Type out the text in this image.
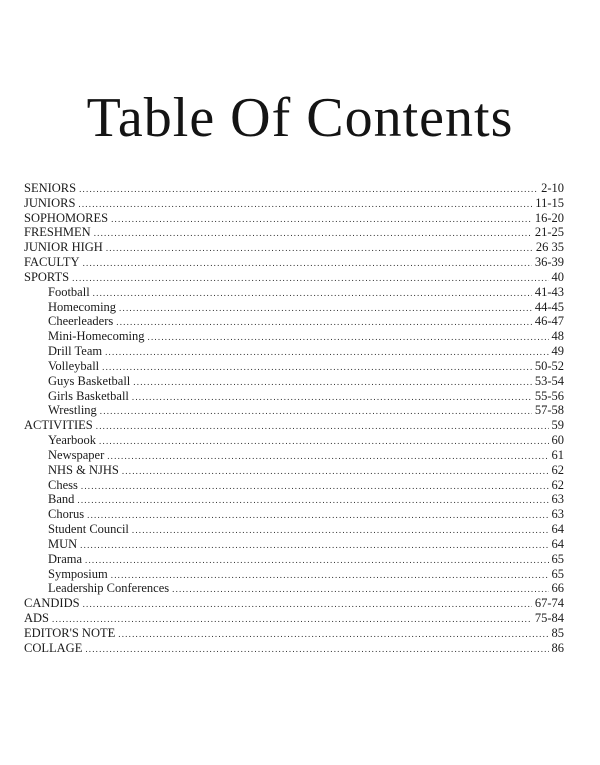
Table Of Contents
SENIORS .....	2-10
JUNIORS .....	11-15
SOPHOMORES .....	16-20
FRESHMEN .....	21-25
JUNIOR HIGH .....	26 35
FACULTY .....	36-39
SPORTS .....	40
Football .....	41-43
Homecoming .....	44-45
Cheerleaders .....	46-47
Mini-Homecoming .....	48
Drill Team .....	49
Volleyball .....	50-52
Guys Basketball .....	53-54
Girls Basketball .....	55-56
Wrestling .....	57-58
ACTIVITIES .....	59
Yearbook .....	60
Newspaper .....	61
NHS & NJHS .....	62
Chess .....	62
Band .....	63
Chorus .....	63
Student Council .....	64
MUN .....	64
Drama .....	65
Symposium .....	65
Leadership Conferences .....	66
CANDIDS .....	67-74
ADS .....	75-84
EDITOR'S NOTE .....	85
COLLAGE .....	86
